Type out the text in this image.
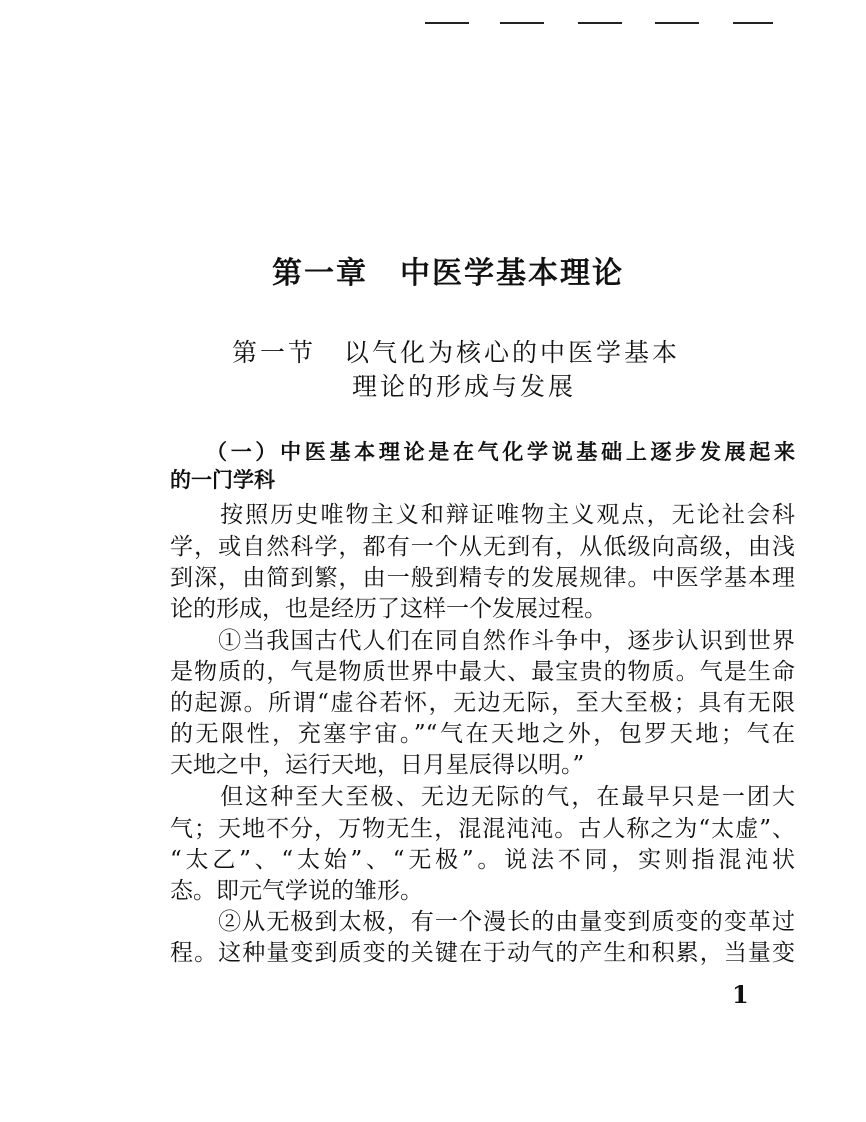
第一章　中医学基本理论
第一节　以气化为核心的中医学基本
理论的形成与发展
（一）中医基本理论是在气化学说基础上逐步发展起来
的一门学科
　　按照历史唯物主义和辩证唯物主义观点，无论社会科
学，或自然科学，都有一个从无到有，从低级向高级，由浅
到深，由简到繁，由一般到精专的发展规律。中医学基本理
论的形成，也是经历了这样一个发展过程。
　　①当我国古代人们在同自然作斗争中，逐步认识到世界
是物质的，气是物质世界中最大、最宝贵的物质。气是生命
的起源。所谓“虚谷若怀，无边无际，至大至极；具有无限
的无限性，充塞宇宙。”“气在天地之外，包罗天地；气在
天地之中，运行天地，日月星辰得以明。”
　　但这种至大至极、无边无际的气，在最早只是一团大
气；天地不分，万物无生，混混沌沌。古人称之为“太虚”、
“太乙”、“太始”、“无极”。说法不同，实则指混沌状
态。即元气学说的雏形。
　　②从无极到太极，有一个漫长的由量变到质变的变革过
程。这种量变到质变的关键在于动气的产生和积累，当量变
1
